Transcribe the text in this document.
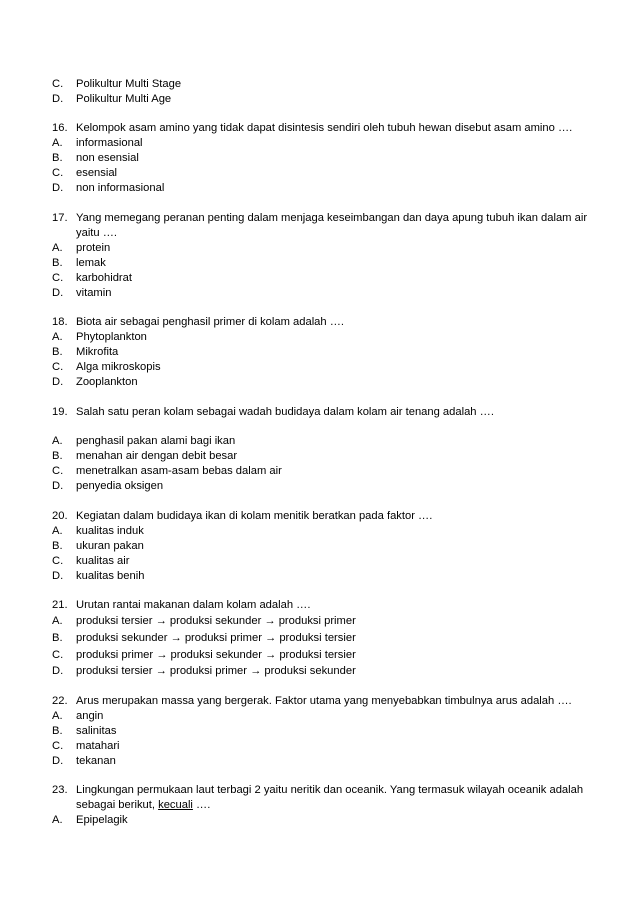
C.	Polikultur Multi Stage
D.	Polikultur Multi Age
16. Kelompok asam amino yang tidak dapat disintesis sendiri oleh tubuh hewan disebut asam amino ….
A.	informasional
B.	non esensial
C.	esensial
D.	non informasional
17. Yang memegang peranan penting dalam menjaga keseimbangan dan daya apung tubuh ikan dalam air
yaitu ….
A.	protein
B.	lemak
C.	karbohidrat
D.	vitamin
18. Biota air sebagai penghasil primer di kolam adalah ….
A.	Phytoplankton
B.	Mikrofita
C.	Alga mikroskopis
D.	Zooplankton
19. Salah satu peran kolam sebagai wadah budidaya dalam kolam air tenang adalah ….
A.	penghasil pakan alami bagi ikan
B.	menahan air dengan debit besar
C.	menetralkan asam-asam bebas dalam air
D.	penyedia oksigen
20. Kegiatan dalam budidaya ikan di kolam menitik beratkan pada faktor ….
A.	kualitas induk
B.	ukuran pakan
C.	kualitas air
D.	kualitas benih
21. Urutan rantai makanan dalam kolam adalah ….
A.	produksi tersier → produksi sekunder → produksi primer
B.	produksi sekunder → produksi primer → produksi tersier
C.	produksi primer → produksi sekunder → produksi tersier
D.	produksi tersier → produksi primer → produksi sekunder
22. Arus merupakan massa yang bergerak. Faktor utama yang menyebabkan timbulnya arus adalah ….
A.	angin
B.	salinitas
C.	matahari
D.	tekanan
23. Lingkungan permukaan laut terbagi 2 yaitu neritik dan oceanik. Yang termasuk wilayah oceanik adalah
sebagai berikut, kecuali ….
A.	Epipelagik
